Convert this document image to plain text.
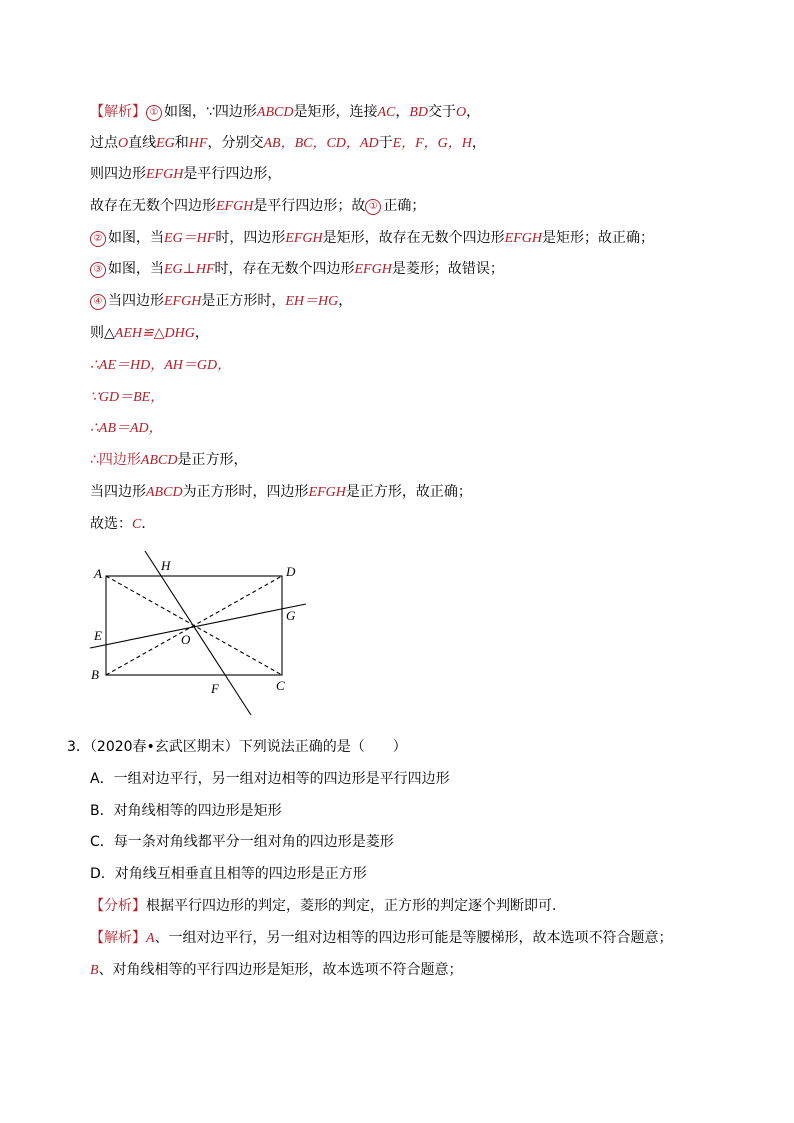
【解析】 ① 如图，∵四边形ABCD是矩形，连接AC，BD交于O，
过点O直线EG和HF，分别交AB，BC，CD，AD于E，F，G，H，
则四边形EFGH是平行四边形，
故存在无数个四边形EFGH是平行四边形；故 ① 正确；
② 如图，当EG＝HF时，四边形EFGH是矩形，故存在无数个四边形EFGH是矩形；故正确；
③ 如图，当EG⊥HF时，存在无数个四边形EFGH是菱形；故错误；
④ 当四边形EFGH是正方形时，EH＝HG，
则△AEH≌△DHG，
∴AE＝HD，AH＝GD，
∵GD＝BE，
∴AB＝AD，
∴四边形ABCD是正方形，
当四边形ABCD为正方形时，四边形EFGH是正方形，故正确；
故选：C．
A
H	D
G
E	O
B
F	C
3．（2020春•玄武区期末）下列说法正确的是（　　）
A．一组对边平行，另一组对边相等的四边形是平行四边形
B．对角线相等的四边形是矩形
C．每一条对角线都平分一组对角的四边形是菱形
D．对角线互相垂直且相等的四边形是正方形
【分析】根据平行四边形的判定，菱形的判定，正方形的判定逐个判断即可．
【解析】A、一组对边平行，另一组对边相等的四边形可能是等腰梯形，故本选项不符合题意；
B、对角线相等的平行四边形是矩形，故本选项不符合题意；
